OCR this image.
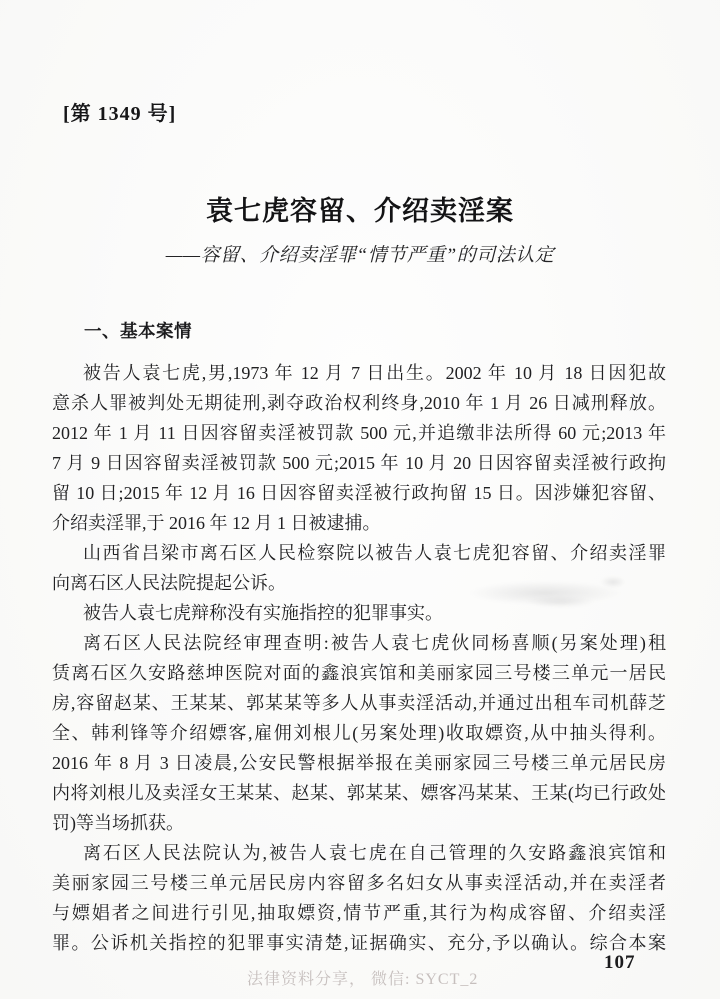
[第 1349 号]
袁七虎容留、介绍卖淫案
——容留、介绍卖淫罪“情节严重”的司法认定
一、基本案情
被告人袁七虎,男,1973 年 12 月 7 日出生。2002 年 10 月 18 日因犯故
意杀人罪被判处无期徒刑,剥夺政治权利终身,2010 年 1 月 26 日减刑释放。
2012 年 1 月 11 日因容留卖淫被罚款 500 元,并追缴非法所得 60 元;2013 年
7 月 9 日因容留卖淫被罚款 500 元;2015 年 10 月 20 日因容留卖淫被行政拘
留 10 日;2015 年 12 月 16 日因容留卖淫被行政拘留 15 日。因涉嫌犯容留、
介绍卖淫罪,于 2016 年 12 月 1 日被逮捕。
山西省吕梁市离石区人民检察院以被告人袁七虎犯容留、介绍卖淫罪
向离石区人民法院提起公诉。
被告人袁七虎辩称没有实施指控的犯罪事实。
离石区人民法院经审理查明:被告人袁七虎伙同杨喜顺(另案处理)租
赁离石区久安路慈坤医院对面的鑫浪宾馆和美丽家园三号楼三单元一居民
房,容留赵某、王某某、郭某某等多人从事卖淫活动,并通过出租车司机薛芝
全、韩利锋等介绍嫖客,雇佣刘根儿(另案处理)收取嫖资,从中抽头得利。
2016 年 8 月 3 日凌晨,公安民警根据举报在美丽家园三号楼三单元居民房
内将刘根儿及卖淫女王某某、赵某、郭某某、嫖客冯某某、王某(均已行政处
罚)等当场抓获。
离石区人民法院认为,被告人袁七虎在自己管理的久安路鑫浪宾馆和
美丽家园三号楼三单元居民房内容留多名妇女从事卖淫活动,并在卖淫者
与嫖娼者之间进行引见,抽取嫖资,情节严重,其行为构成容留、介绍卖淫
罪。公诉机关指控的犯罪事实清楚,证据确实、充分,予以确认。综合本案
法律资料分享， 微信: SYCT_2
107
